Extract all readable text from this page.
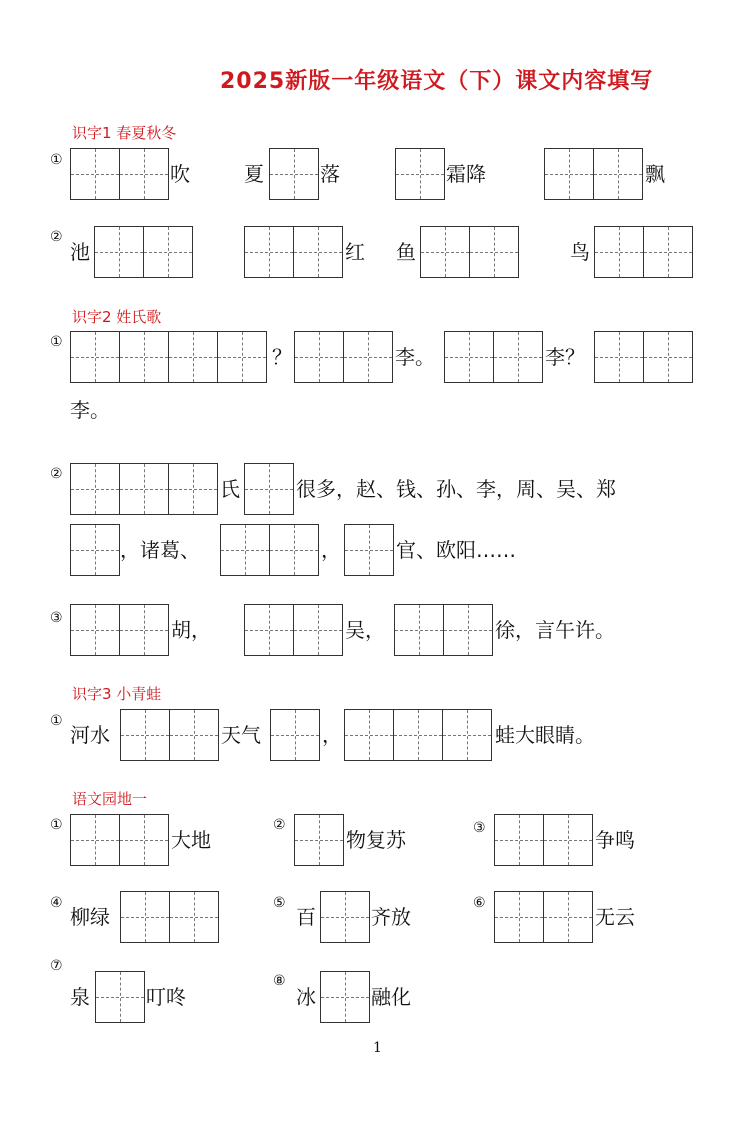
2025新版一年级语文（下）课文内容填写
识字1 春夏秋冬
识字2 姓氏歌
识字3 小青蛙
语文园地一
①
②
①
②
③
①
①	②	③
④	⑤	⑥
⑦
⑧
吹	夏	落	霜降	飘
池	红 鱼	鸟
？	李。	李？
李。
氏	很多，赵、钱、孙、李，周、吴、郑
，诸葛、	，	官、欧阳……
胡，	吴，	徐，言午许。
河水	天气	，	蛙大眼睛。
大地	物复苏	争鸣
柳绿	百	齐放	无云
泉	叮咚	冰	融化
1
